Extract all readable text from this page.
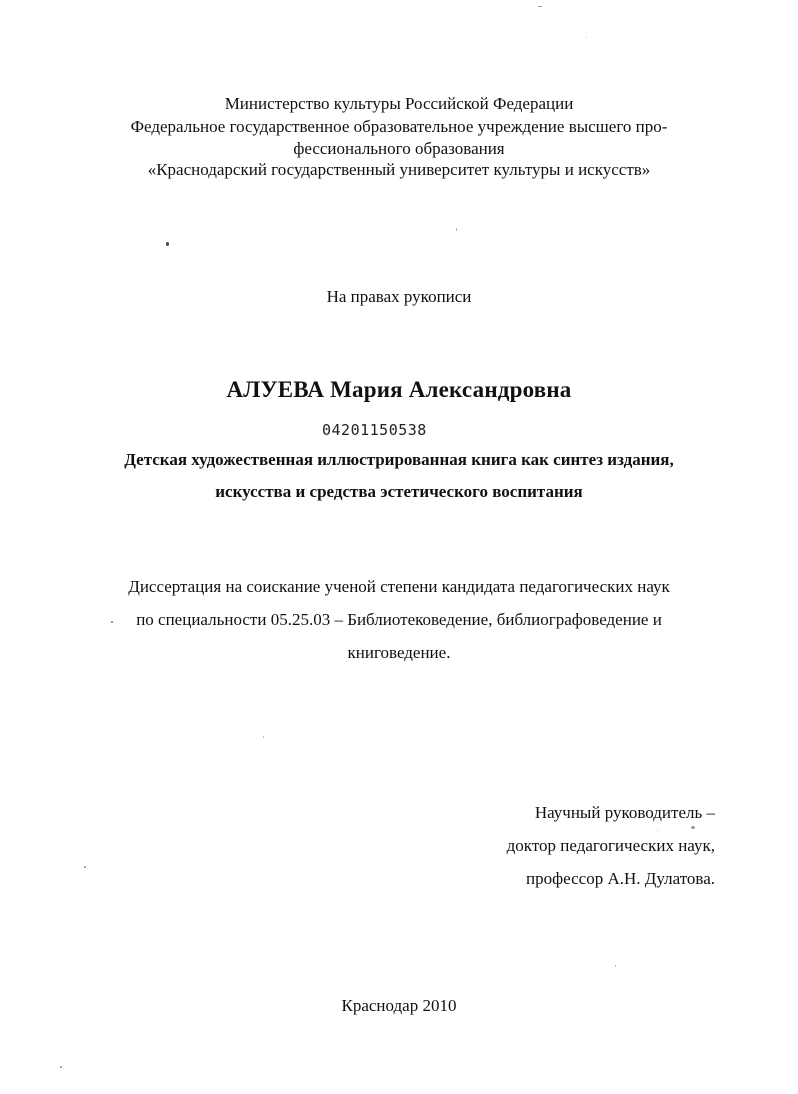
Министерство культуры Российской Федерации
Федеральное государственное образовательное учреждение высшего про-
фессионального образования
«Краснодарский государственный университет культуры и искусств»
На правах рукописи
АЛУЕВА Мария Александровна
04201150538
Детская художественная иллюстрированная книга как синтез издания,
искусства и средства эстетического воспитания
Диссертация на соискание ученой степени кандидата педагогических наук
по специальности 05.25.03 – Библиотековедение, библиографоведение и
книговедение.
Научный руководитель –
доктор педагогических наук,
профессор А.Н. Дулатова.
Краснодар 2010
